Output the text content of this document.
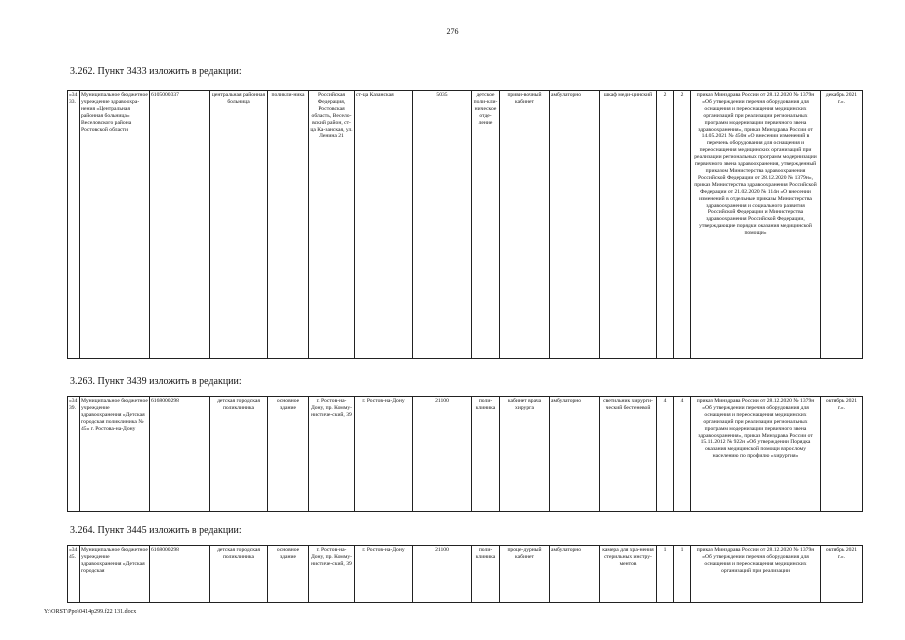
276
3.262. Пункт 3433 изложить в редакции:
3.263. Пункт 3439 изложить в редакции:
3.264. Пункт 3445 изложить в редакции:
«3433.	Муниципальное бюджетное учреждение здравоохра-нения «Центральная районная больница» Веселовского района Ростовской области	6105000337	центральная районная больница	поликли-ника	Российская Федерация, Ростовская область, Весело-вский район, ст-ца Ка-занская, ул. Ленина 21	ст-ца Казанская	5035	детское поли-кли-ническое отде-ление	приви-вочный кабинет	амбулаторно	шкаф меди-цинский	2	2	приказ Минздрава России от 28.12.2020 № 1379н «Об утверждении перечня оборудования для оснащения и переоснащения медицинских организаций при реализации региональных программ модернизации первичного звена здравоохранения», приказ Минздрава России от 14.05.2021 № 450н «О внесении изменений в перечень оборудования для оснащения и переоснащения медицинских организаций при реализации региональных программ модернизации первичного звена здравоохранения, утвержденный приказом Министерства здравоохранения Российской Федерации от 28.12.2020 № 1379н», приказ Министерства здравоохранения Российской Федерации от 21.02.2020 № 114н «О внесении изменений в отдельные приказы Министерства здравоохранения и социального развития Российской Федерации и Министерства здравоохранения Российской Федерации, утверждающие порядки оказания медицинской помощи»	декабрь 2021 г.».
«3439.	Муниципальное бюджетное учреждение здравоохранения «Детская городская поликлиника № 45» г. Ростова-на-Дону	6168000298	детская городская поликлиника	основное здание	г. Ростов-на-Дону, пр. Комму-нистиче-ский, 39	г. Ростов-на-Дону	21100	поли-клиника	кабинет врача хирурга	амбулаторно	светильник хирурги-ческий бестеневой	4	4	приказ Минздрава России от 28.12.2020 № 1379н «Об утверждении перечня оборудования для оснащения и переоснащения медицинских организаций при реализации региональных программ модернизации первичного звена здравоохранения», приказ Минздрава России от 15.11.2012 № 922н «Об утверждении Порядка оказания медицинской помощи взрослому населению по профилю «хирургия»	октябрь 2021 г.».
«3445.	Муниципальное бюджетное учреждение здравоохранения «Детская городская	6168000298	детская городская поликлиника	основное здание	г. Ростов-на-Дону, пр. Комму-нистиче-ский, 39	г. Ростов-на-Дону	21100	поли-клиника	проце-дурный кабинет	амбулаторно	камера для хра-нения стерильных инстру-ментов	1	1	приказ Минздрава России от 28.12.2020 № 1379н «Об утверждении перечня оборудования для оснащения и переоснащения медицинских организаций при реализации	октябрь 2021 г.».
Y:\ORST\Ppo\0414p299.f22 131.docx
